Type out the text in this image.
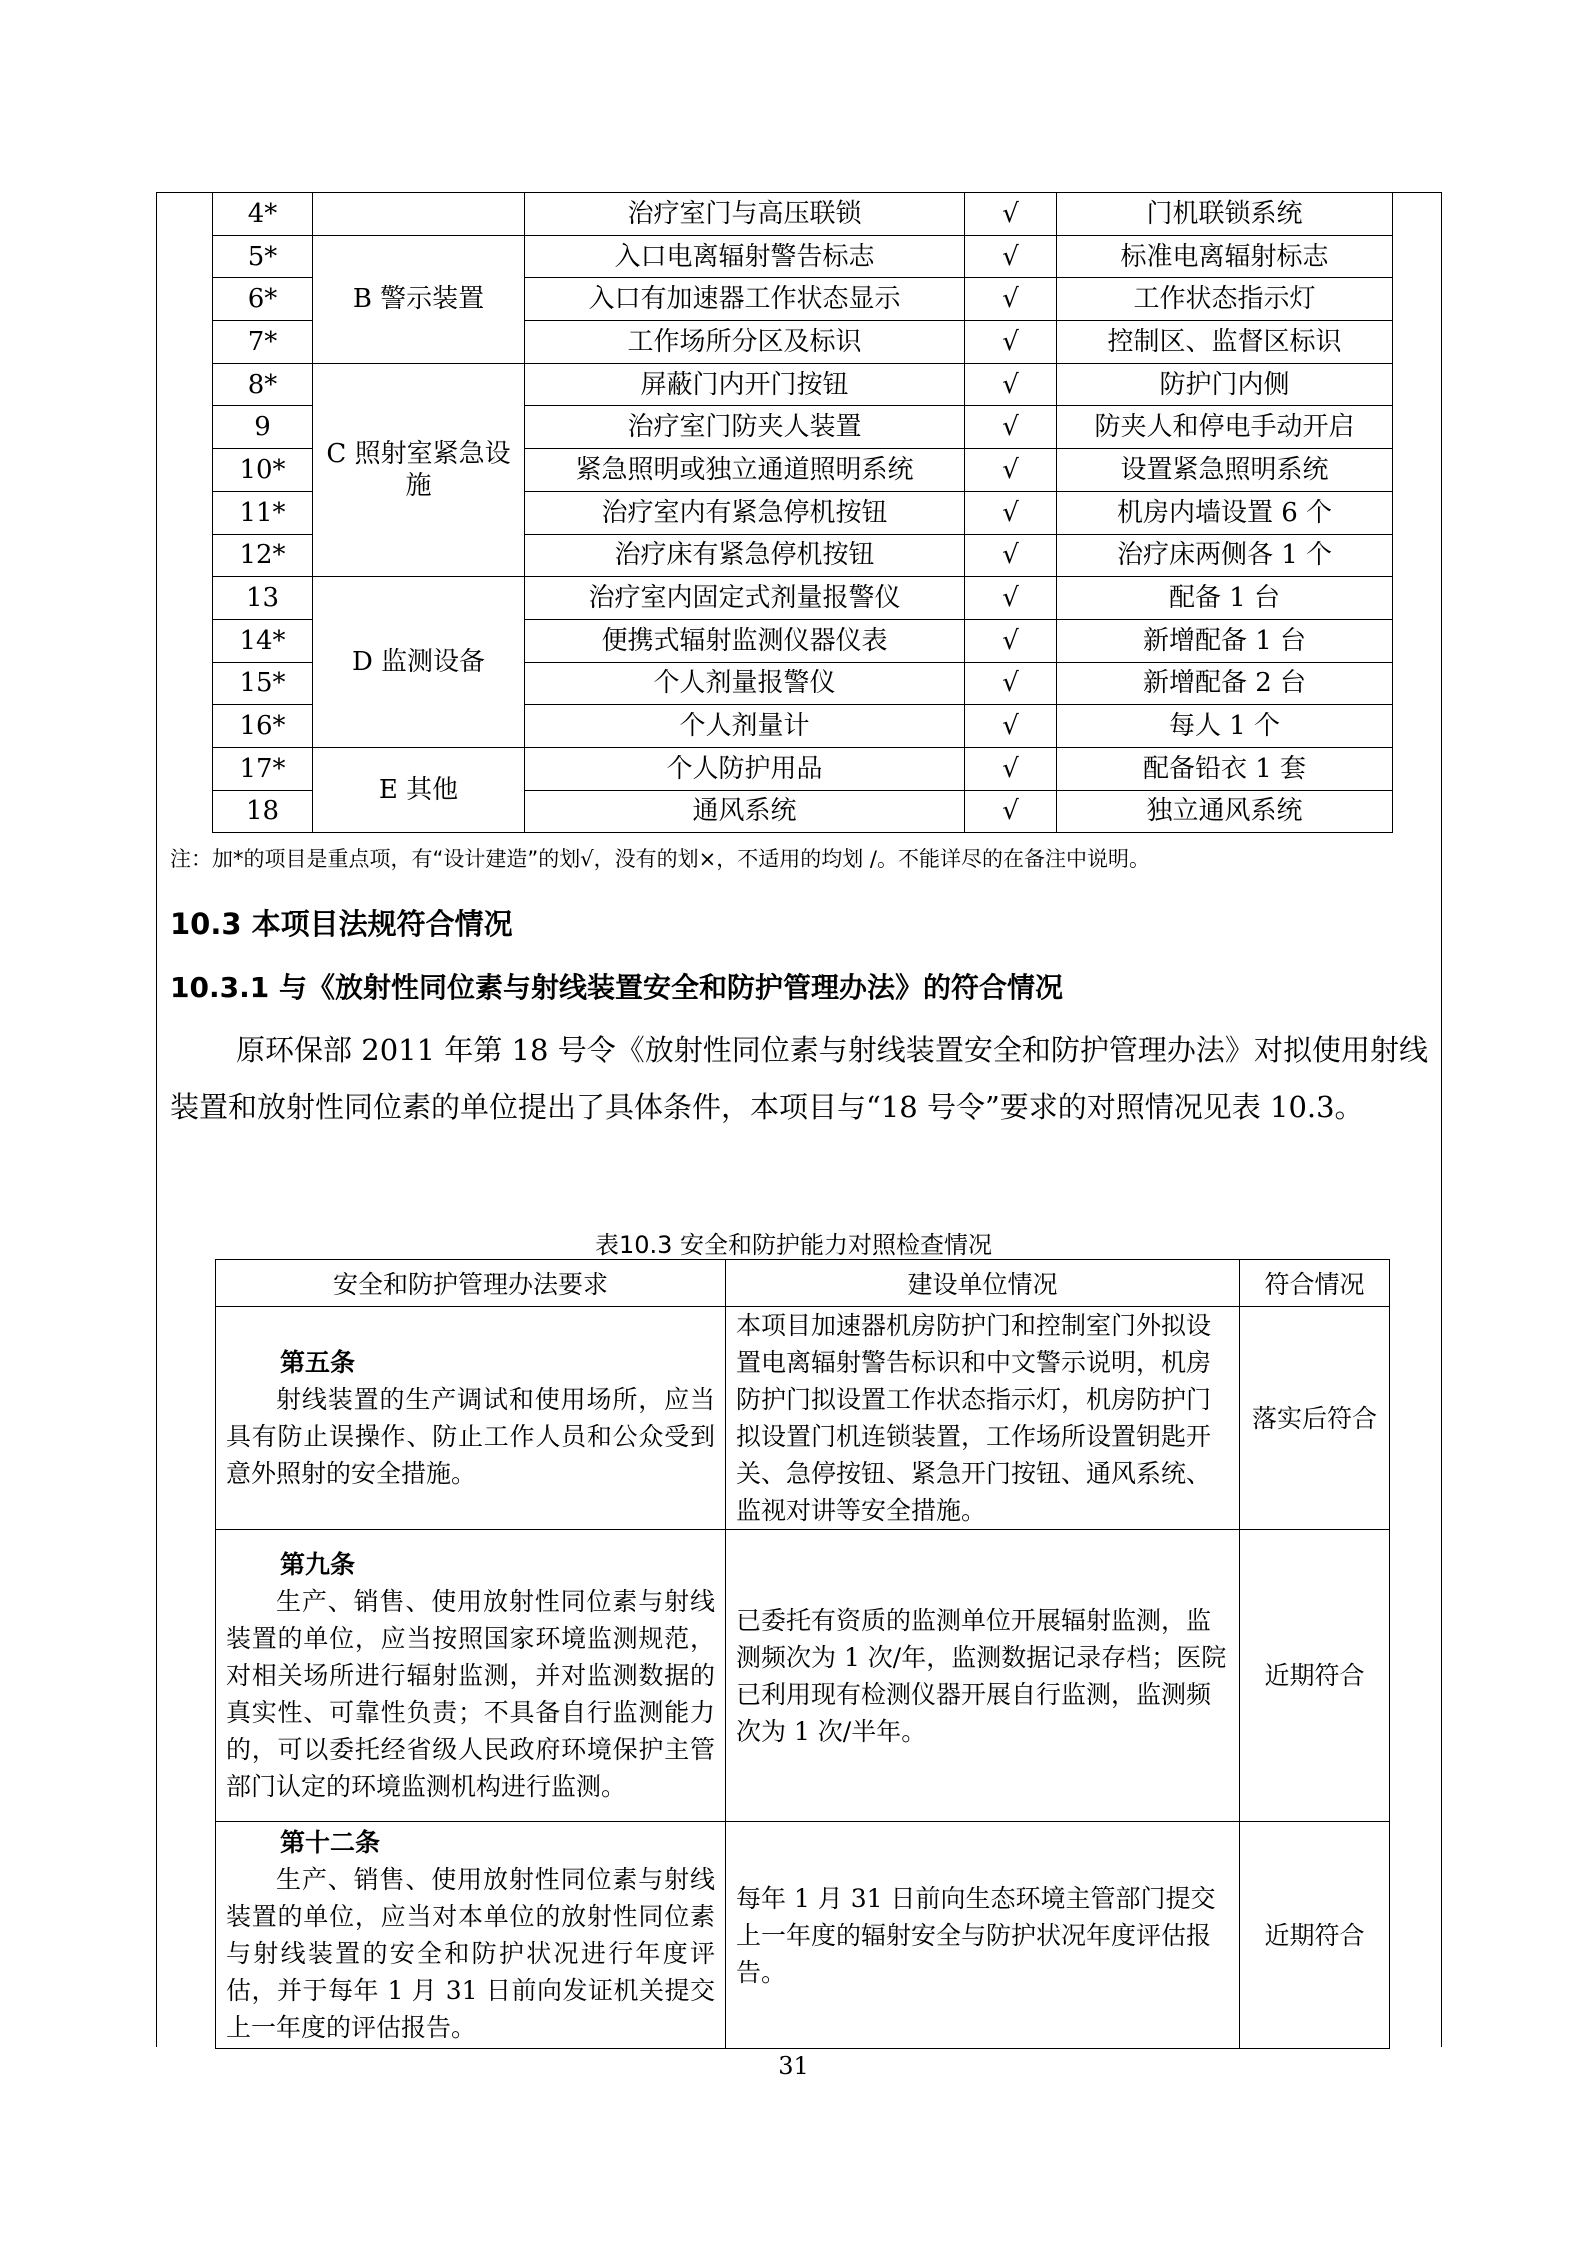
4*		治疗室门与高压联锁	√	门机联锁系统
5*	B 警示装置	入口电离辐射警告标志	√	标准电离辐射标志
6*		入口有加速器工作状态显示	√	工作状态指示灯
7*		工作场所分区及标识	√	控制区、监督区标识
8*	C 照射室紧急设施	屏蔽门内开门按钮	√	防护门内侧
9		治疗室门防夹人装置	√	防夹人和停电手动开启
10*		紧急照明或独立通道照明系统	√	设置紧急照明系统
11*		治疗室内有紧急停机按钮	√	机房内墙设置 6 个
12*		治疗床有紧急停机按钮	√	治疗床两侧各 1 个
13	D 监测设备	治疗室内固定式剂量报警仪	√	配备 1 台
14*		便携式辐射监测仪器仪表	√	新增配备 1 台
15*		个人剂量报警仪	√	新增配备 2 台
16*		个人剂量计	√	每人 1 个
17*	E 其他	个人防护用品	√	配备铅衣 1 套
18		通风系统	√	独立通风系统
注：加*的项目是重点项，有“设计建造”的划√，没有的划×，不适用的均划 /。不能详尽的在备注中说明。
10.3 本项目法规符合情况
10.3.1 与《放射性同位素与射线装置安全和防护管理办法》的符合情况
原环保部 2011 年第 18 号令《放射性同位素与射线装置安全和防护管理办法》对拟使用射线装置和放射性同位素的单位提出了具体条件，本项目与“18 号令”要求的对照情况见表 10.3。
表10.3 安全和防护能力对照检查情况
安全和防护管理办法要求	建设单位情况	符合情况

第五条
射线装置的生产调试和使用场所，应当具有防止误操作、防止工作人员和公众受到意外照射的安全措施。	本项目加速器机房防护门和控制室门外拟设置电离辐射警告标识和中文警示说明，机房防护门拟设置工作状态指示灯，机房防护门拟设置门机连锁装置，工作场所设置钥匙开关、急停按钮、紧急开门按钮、通风系统、监视对讲等安全措施。	落实后符合

第九条
生产、销售、使用放射性同位素与射线装置的单位，应当按照国家环境监测规范，对相关场所进行辐射监测，并对监测数据的真实性、可靠性负责；不具备自行监测能力的，可以委托经省级人民政府环境保护主管部门认定的环境监测机构进行监测。	已委托有资质的监测单位开展辐射监测，监测频次为 1 次/年，监测数据记录存档；医院已利用现有检测仪器开展自行监测，监测频次为 1 次/半年。	近期符合

第十二条
生产、销售、使用放射性同位素与射线装置的单位，应当对本单位的放射性同位素与射线装置的安全和防护状况进行年度评估，并于每年 1 月 31 日前向发证机关提交上一年度的评估报告。	每年 1 月 31 日前向生态环境主管部门提交上一年度的辐射安全与防护状况年度评估报告。	近期符合
31
